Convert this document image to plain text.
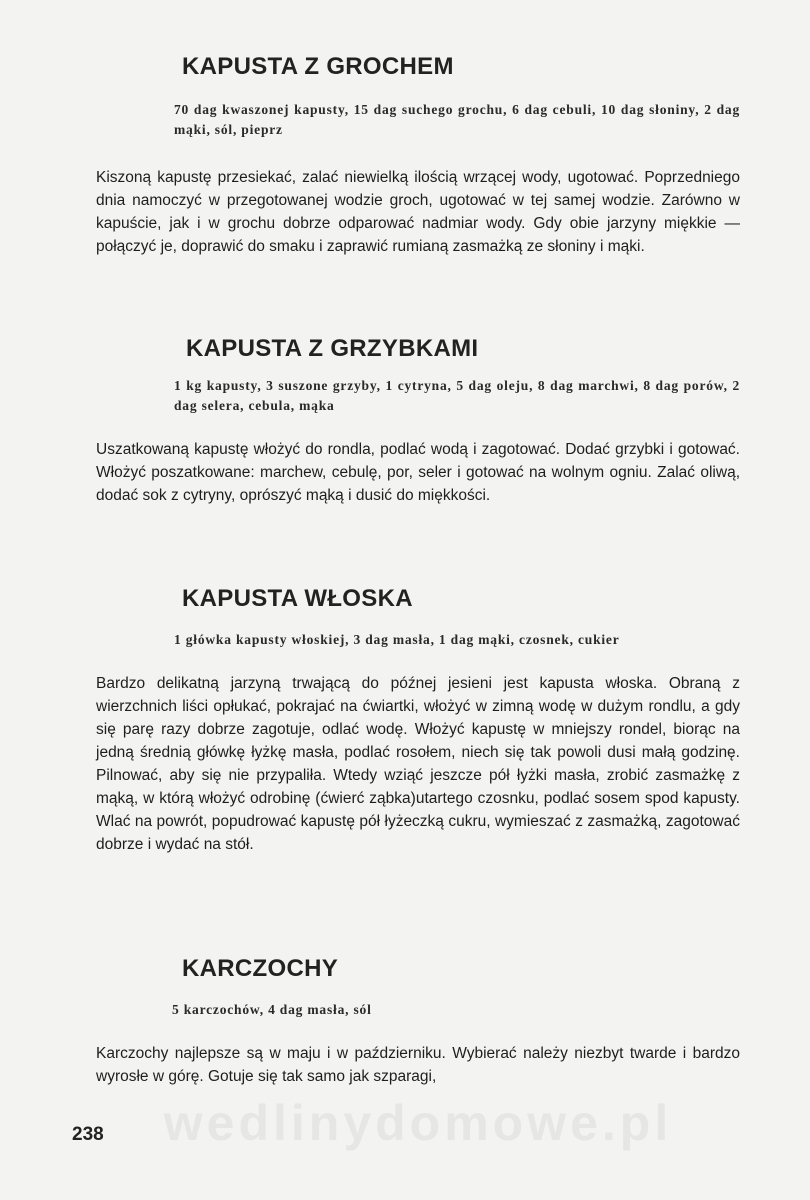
KAPUSTA Z GROCHEM

70 dag kwaszonej kapusty, 15 dag suchego grochu, 6 dag cebuli, 10 dag słoniny, 2 dag mąki, sól, pieprz

Kiszoną kapustę przesiekać, zalać niewielką ilością wrzącej wody, ugotować. Poprzedniego dnia namoczyć w przegotowanej wodzie groch, ugotować w tej samej wodzie. Zarówno w kapuście, jak i w grochu dobrze odparować nadmiar wody. Gdy obie jarzyny miękkie — połączyć je, doprawić do smaku i zaprawić rumianą zasmażką ze słoniny i mąki.

KAPUSTA Z GRZYBKAMI

1 kg kapusty, 3 suszone grzyby, 1 cytryna, 5 dag oleju, 8 dag marchwi, 8 dag porów, 2 dag selera, cebula, mąka

Uszatkowaną kapustę włożyć do rondla, podlać wodą i zagotować. Dodać grzybki i gotować. Włożyć poszatkowane: marchew, cebulę, por, seler i gotować na wolnym ogniu. Zalać oliwą, dodać sok z cytryny, oprószyć mąką i dusić do miękkości.

KAPUSTA WŁOSKA

1 główka kapusty włoskiej, 3 dag masła, 1 dag mąki, czosnek, cukier

Bardzo delikatną jarzyną trwającą do późnej jesieni jest kapusta włoska. Obraną z wierzchnich liści opłukać, pokrajać na ćwiartki, włożyć w zimną wodę w dużym rondlu, a gdy się parę razy dobrze zagotuje, odlać wodę. Włożyć kapustę w mniejszy rondel, biorąc na jedną średnią główkę łyżkę masła, podlać rosołem, niech się tak powoli dusi małą godzinę. Pilnować, aby się nie przypaliła. Wtedy wziąć jeszcze pół łyżki masła, zrobić zasmażkę z mąką, w którą włożyć odrobinę (ćwierć ząbka)utartego czosnku, podlać sosem spod kapusty. Wlać na powrót, popudrować kapustę pół łyżeczką cukru, wymieszać z zasmażką, zagotować dobrze i wydać na stół.

KARCZOCHY

5 karczochów, 4 dag masła, sól

Karczochy najlepsze są w maju i w październiku. Wybierać należy niezbyt twarde i bardzo wyrosłe w górę. Gotuje się tak samo jak szparagi,

wedlinydomowe.pl
238
